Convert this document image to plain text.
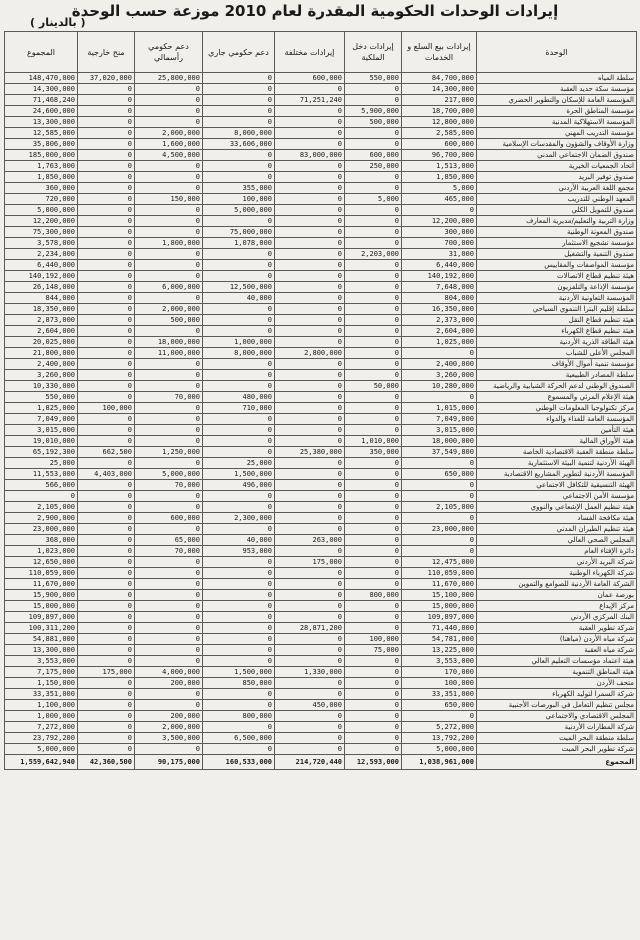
إيرادات الوحدات الحكومية المقدرة لعام 2010 موزعة حسب الوحدة
( بالدينار )
المجموع	منح خارجية	دعم حكومي رأسمالي	دعم حكومي جاري	إيرادات مختلفة	إيرادات دخل الملكية	إيرادات بيع السلع و الخدمات	الوحدة
148,470,000	37,020,000	25,800,000	0	600,000	550,000	84,700,000	سلطة المياه
14,300,000	0	0	0	0	0	14,300,000	مؤسسة سكة حديد العقبة
71,468,240	0	0	0	71,251,240	0	217,000	المؤسسة العامة للإسكان والتطوير الحضري
24,600,000	0	0	0	0	5,900,000	18,700,000	مؤسسة المناطق الحرة
13,300,000	0	0	0	0	500,000	12,800,000	المؤسسة الاستهلاكية المدنية
12,585,000	0	2,000,000	8,000,000	0	0	2,585,000	مؤسسة التدريب المهني
35,806,000	0	1,600,000	33,606,000	0	0	600,000	وزارة الأوقاف والشؤون والمقدسات الإسلامية
185,000,000	0	4,500,000	0	83,000,000	600,000	96,700,000	صندوق الضمان الاجتماعي المدني
1,763,000	0	0	0	0	250,000	1,513,000	اتحاد الجمعيات الخيرية
1,850,000	0	0	0	0	0	1,850,000	صندوق توفير البريد
360,000	0	0	355,000	0	0	5,000	مجمع اللغة العربية الأردني
720,000	0	150,000	100,000	0	5,000	465,000	المعهد الوطني للتدريب
5,000,000	0	0	5,000,000	0	0	0	صندوق للتمويل الكلي
12,200,000	0	0	0	0	0	12,200,000	وزارة التربية والتعليم/مديرية المعارف
75,300,000	0	0	75,000,000	0	0	300,000	صندوق المعونة الوطنية
3,578,000	0	1,800,000	1,078,000	0	0	700,000	مؤسسة تشجيع الاستثمار
2,234,000	0	0	0	0	2,203,000	31,000	صندوق التنمية والتشغيل
6,440,000	0	0	0	0	0	6,440,000	مؤسسة المواصفات والمقاييس
140,192,000	0	0	0	0	0	140,192,000	هيئة تنظيم قطاع الاتصالات
26,148,000	0	6,000,000	12,500,000	0	0	7,648,000	مؤسسة الإذاعة والتلفزيون
844,000	0	0	40,000	0	0	804,000	المؤسسة التعاونية الأردنية
18,350,000	0	2,000,000	0	0	0	16,350,000	سلطة إقليم البترا التنموي السياحي
2,873,000	0	500,000	0	0	0	2,373,000	هيئة تنظيم قطاع النقل
2,604,000	0	0	0	0	0	2,604,000	هيئة تنظيم قطاع الكهرباء
20,025,000	0	18,000,000	1,000,000	0	0	1,025,000	هيئة الطاقة الذرية الأردنية
21,800,000	0	11,000,000	8,000,000	2,800,000	0	0	المجلس الأعلى للشباب
2,400,000	0	0	0	0	0	2,400,000	مؤسسة تنمية أموال الأوقاف
3,260,000	0	0	0	0	0	3,260,000	سلطة المصادر الطبيعية
10,330,000	0	0	0	0	50,000	10,280,000	الصندوق الوطني لدعم الحركة الشبابية والرياضية
550,000	0	70,000	480,000	0	0	0	هيئة الإعلام المرئي والمسموع
1,825,000	100,000	0	710,000	0	0	1,015,000	مركز تكنولوجيا المعلومات الوطني
7,049,000	0	0	0	0	0	7,049,000	المؤسسة العامة للغذاء والدواء
3,015,000	0	0	0	0	0	3,015,000	هيئة التأمين
19,010,000	0	0	0	0	1,010,000	18,000,000	هيئة الأوراق المالية
65,192,300	662,500	1,250,000	0	25,380,000	350,000	37,549,800	سلطة منطقة العقبة الاقتصادية الخاصة
25,000	0	0	25,000	0	0	0	الهيئة الأردنية لتنمية البيئة الاستثمارية
11,553,000	4,403,000	5,000,000	1,500,000	0	0	650,000	المؤسسة الأردنية لتطوير المشاريع الاقتصادية
566,000	0	70,000	496,000	0	0	0	الهيئة التنسيقية للتكافل الاجتماعي
0	0	0	0	0	0	0	مؤسسة الأمن الاجتماعي
2,105,000	0	0	0	0	0	2,105,000	هيئة تنظيم العمل الإشعاعي والنووي
2,900,000	0	600,000	2,300,000	0	0	0	هيئة مكافحة الفساد
23,000,000	0	0	0	0	0	23,000,000	هيئة تنظيم الطيران المدني
368,000	0	65,000	40,000	263,000	0	0	المجلس الصحي العالي
1,023,000	0	70,000	953,000	0	0	0	دائرة الإفتاء العام
12,650,000	0	0	0	175,000	0	12,475,000	شركة البريد الأردني
110,059,000	0	0	0	0	0	110,059,000	شركة الكهرباء الوطنية
11,670,000	0	0	0	0	0	11,670,000	الشركة العامة الأردنية للصوامع والتموين
15,900,000	0	0	0	0	800,000	15,100,000	بورصة عمان
15,000,000	0	0	0	0	0	15,000,000	مركز الإيداع
109,897,000	0	0	0	0	0	109,897,000	البنك المركزي الأردني
100,311,200	0	0	0	28,871,200	0	71,440,000	شركة تطوير العقبة
54,881,000	0	0	0	0	100,000	54,781,000	شركة مياه الأردن (مياهنا)
13,300,000	0	0	0	0	75,000	13,225,000	شركة مياه العقبة
3,553,000	0	0	0	0	0	3,553,000	هيئة اعتماد مؤسسات التعليم العالي
7,175,000	175,000	4,000,000	1,500,000	1,330,000	0	170,000	هيئة المناطق التنموية
1,150,000	0	200,000	850,000	0	0	100,000	متحف الأردن
33,351,000	0	0	0	0	0	33,351,000	شركة السمرا لتوليد الكهرباء
1,100,000	0	0	0	450,000	0	650,000	مجلس تنظيم التعامل في البورصات الأجنبية
1,000,000	0	200,000	800,000	0	0	0	المجلس الاقتصادي والاجتماعي
7,272,000	0	2,000,000	0	0	0	5,272,000	شركة المطارات الأردنية
23,792,200	0	3,500,000	6,500,000	0	0	13,792,200	سلطة منطقة البحر الميت
5,000,000	0	0	0	0	0	5,000,000	شركة تطوير البحر الميت
1,559,642,940	42,360,500	90,175,000	160,533,000	214,720,440	12,593,000	1,038,961,000	المجموع
